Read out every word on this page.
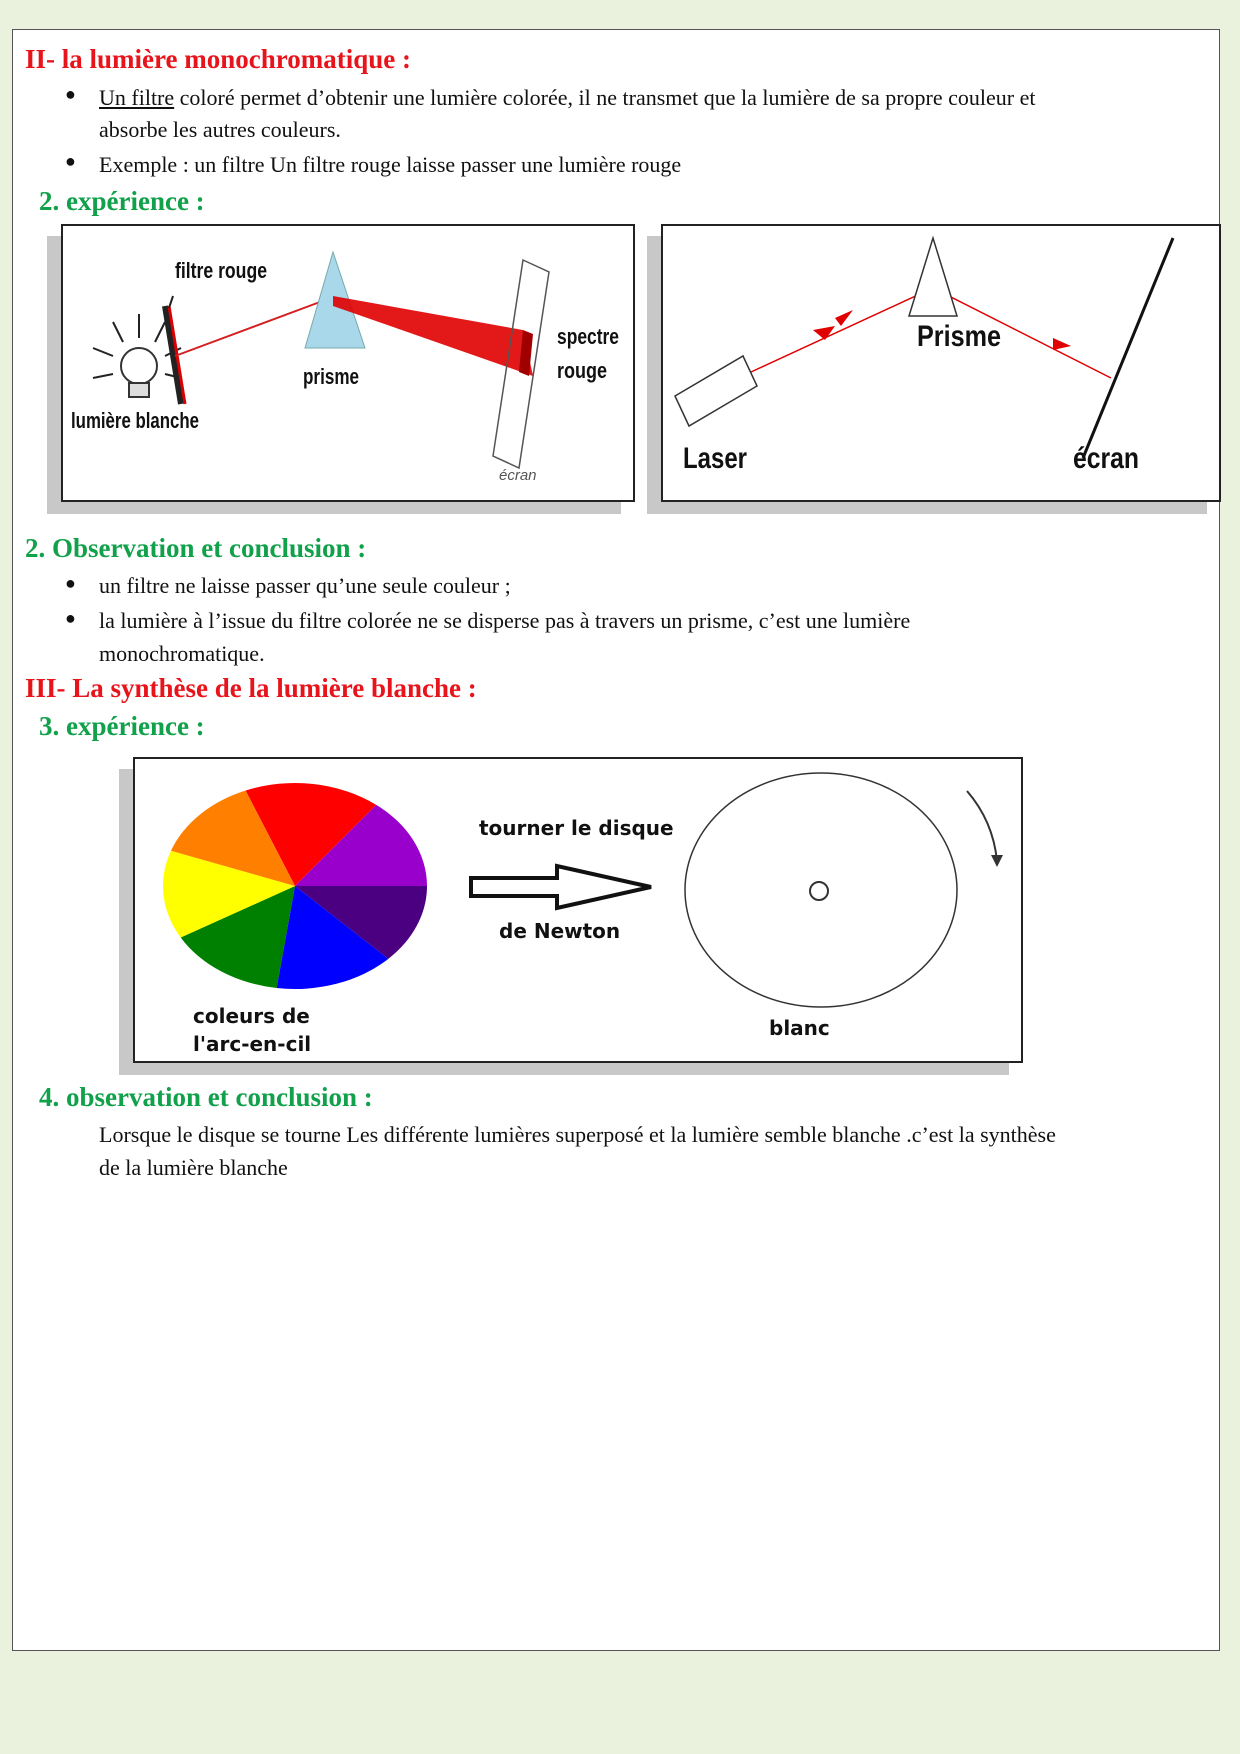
II- la lumière monochromatique :
● Un filtre coloré permet d’obtenir une lumière colorée, il ne transmet que la lumière de sa propre couleur et
absorbe les autres couleurs.
● Exemple : un filtre Un filtre rouge laisse passer une lumière rouge
2. expérience :
filtre rouge
prisme
spectre
rouge
lumière blanche
écran
Prisme
Laser	écran
2. Observation et conclusion :
● un filtre ne laisse passer qu’une seule couleur ;
● la lumière à l’issue du filtre colorée ne se disperse pas à travers un prisme, c’est une lumière
monochromatique.
III- La synthèse de la lumière blanche :
3. expérience :
tourner le disque
de Newton
coleurs de
l'arc-en-cil
blanc
4. observation et conclusion :
Lorsque le disque se tourne Les différente lumières superposé et la lumière semble blanche .c’est la synthèse
de la lumière blanche
